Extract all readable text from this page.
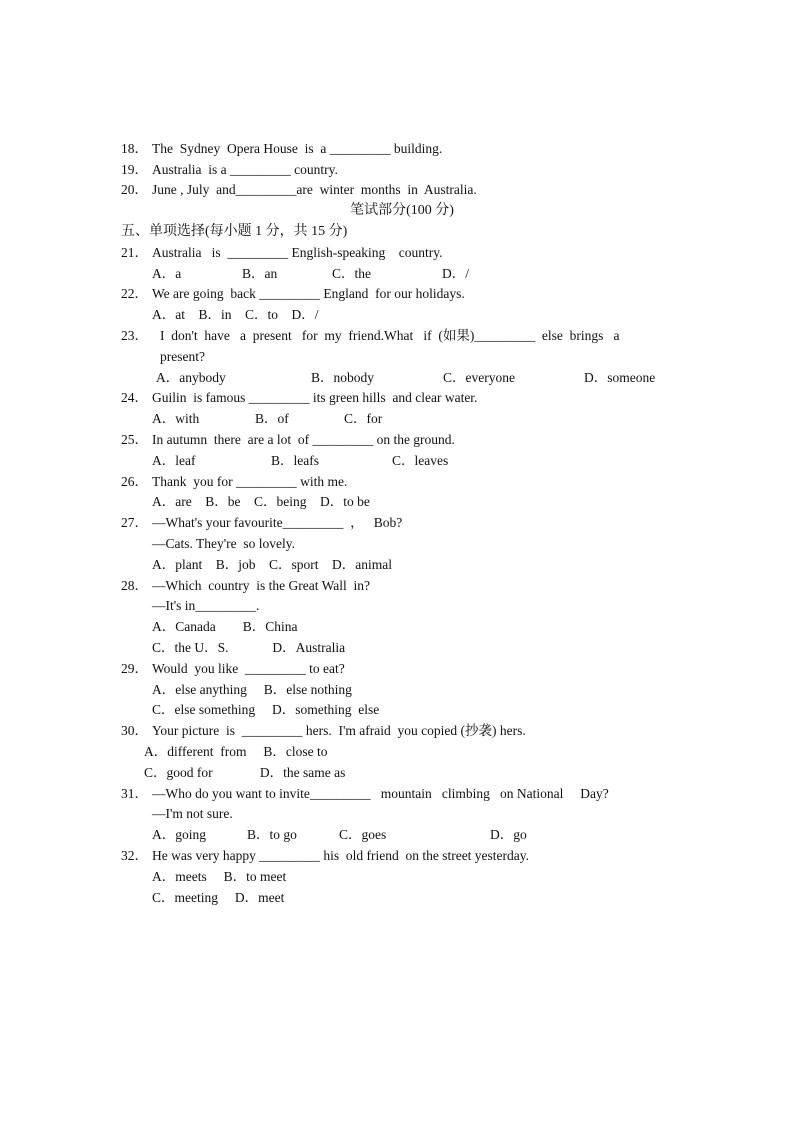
18． The  Sydney  Opera House  is  a _________ building.
19． Australia  is a _________ country.
20． June , July  and_________are  winter  months  in  Australia.
笔试部分(100 分)
五、单项选择(每小题 1 分，共 15 分)
21． Australia   is  _________ English-speaking    country.
A．a	B．an	C．the	D．/
22． We are going  back _________ England  for our holidays.
A．at    B．in    C．to    D．/
23． I  don't  have   a  present   for  my  friend.What   if  (如果)_________  else  brings   a
present?
A．anybody	B．nobody	C．everyone	D．someone
24． Guilin  is famous _________ its green hills  and clear water.
A．with	B．of	C．for
25． In autumn  there  are a lot  of _________ on the ground.
A．leaf	B．leafs	C．leaves
26． Thank  you for _________ with me.
A．are    B．be    C．being    D．to be
27． —What's your favourite_________  ，   Bob?
—Cats. They're  so lovely.
A．plant    B．job    C．sport    D．animal
28． —Which  country  is the Great Wall  in?
—It's in_________.
A．Canada        B．China
C．the U．S.             D．Australia
29． Would  you like  _________ to eat?
A．else anything     B．else nothing
C．else something     D．something  else
30． Your picture  is  _________ hers.  I'm afraid  you copied (抄袭) hers.
A．different  from     B．close to
C．good for              D．the same as
31． —Who do you want to invite_________   mountain   climbing   on National     Day?
—I'm not sure.
A．going	B．to go	C．goes	D．go
32． He was very happy _________ his  old friend  on the street yesterday.
A．meets     B．to meet
C．meeting     D．meet
